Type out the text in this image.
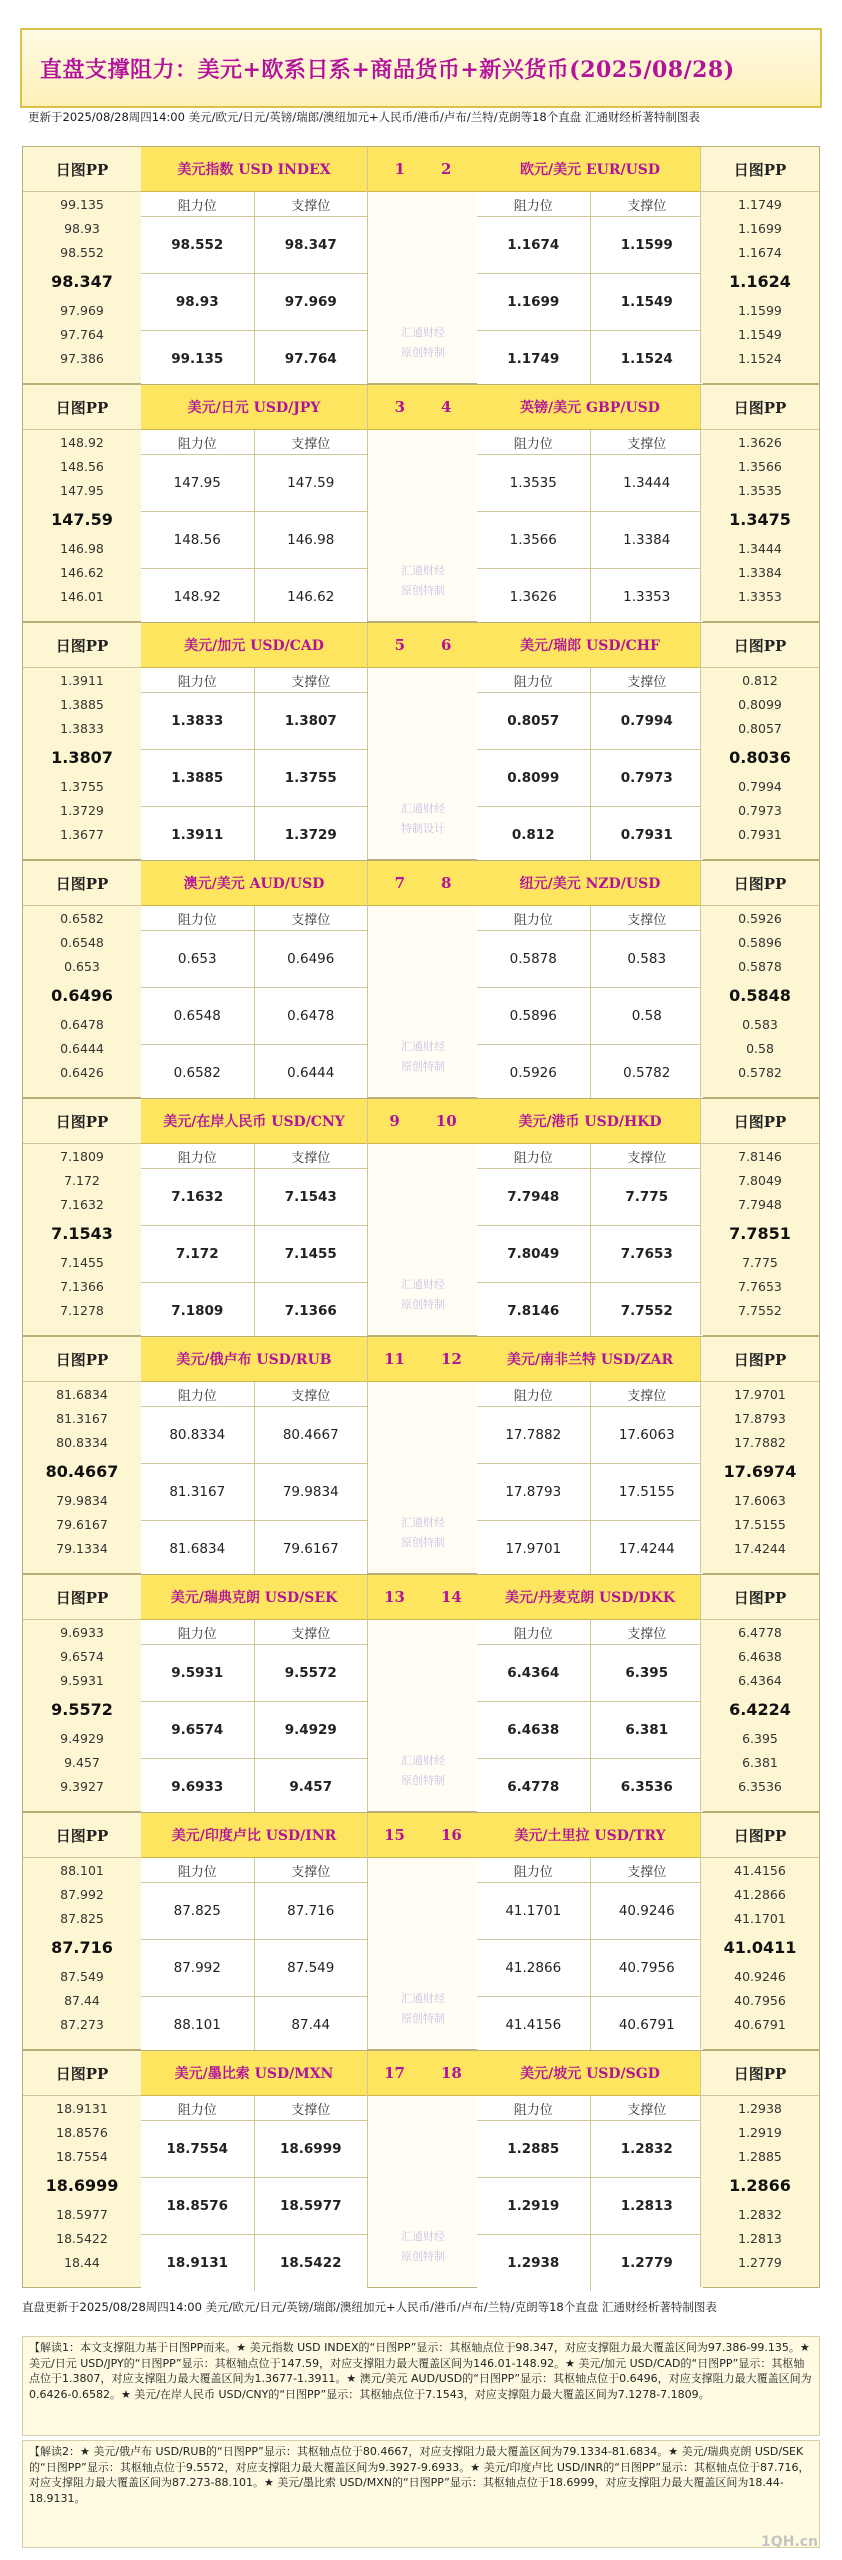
直盘支撑阻力：美元+欧系日系+商品货币+新兴货币(2025/08/28)
更新于2025/08/28周四14:00 美元/欧元/日元/英镑/瑞郎/澳纽加元+人民币/港币/卢布/兰特/克朗等18个直盘 汇通财经析著特制图表
日图PP
99.135
98.93
98.552
98.347
97.969
97.764
97.386
美元指数 USD INDEX
阻力位	支撑位
98.552	98.347
98.93	97.969
99.135	97.764
1 2
汇通财经
原创特制
欧元/美元 EUR/USD
阻力位	支撑位
1.1674	1.1599
1.1699	1.1549
1.1749	1.1524
日图PP
1.1749
1.1699
1.1674
1.1624
1.1599
1.1549
1.1524
日图PP
148.92
148.56
147.95
147.59
146.98
146.62
146.01
美元/日元 USD/JPY
阻力位	支撑位
147.95	147.59
148.56	146.98
148.92	146.62
3 4
汇通财经
原创特制
英镑/美元 GBP/USD
阻力位	支撑位
1.3535	1.3444
1.3566	1.3384
1.3626	1.3353
日图PP
1.3626
1.3566
1.3535
1.3475
1.3444
1.3384
1.3353
日图PP
1.3911
1.3885
1.3833
1.3807
1.3755
1.3729
1.3677
美元/加元 USD/CAD
阻力位	支撑位
1.3833	1.3807
1.3885	1.3755
1.3911	1.3729
5 6
汇通财经
特制设计
美元/瑞郎 USD/CHF
阻力位	支撑位
0.8057	0.7994
0.8099	0.7973
0.812	0.7931
日图PP
0.812
0.8099
0.8057
0.8036
0.7994
0.7973
0.7931
日图PP
0.6582
0.6548
0.653
0.6496
0.6478
0.6444
0.6426
澳元/美元 AUD/USD
阻力位	支撑位
0.653	0.6496
0.6548	0.6478
0.6582	0.6444
7 8
汇通财经
原创特制
纽元/美元 NZD/USD
阻力位	支撑位
0.5878	0.583
0.5896	0.58
0.5926	0.5782
日图PP
0.5926
0.5896
0.5878
0.5848
0.583
0.58
0.5782
日图PP
7.1809
7.172
7.1632
7.1543
7.1455
7.1366
7.1278
美元/在岸人民币 USD/CNY
阻力位	支撑位
7.1632	7.1543
7.172	7.1455
7.1809	7.1366
9 10
汇通财经
原创特制
美元/港币 USD/HKD
阻力位	支撑位
7.7948	7.775
7.8049	7.7653
7.8146	7.7552
日图PP
7.8146
7.8049
7.7948
7.7851
7.775
7.7653
7.7552
日图PP
81.6834
81.3167
80.8334
80.4667
79.9834
79.6167
79.1334
美元/俄卢布 USD/RUB
阻力位	支撑位
80.8334	80.4667
81.3167	79.9834
81.6834	79.6167
11 12
汇通财经
原创特制
美元/南非兰特 USD/ZAR
阻力位	支撑位
17.7882	17.6063
17.8793	17.5155
17.9701	17.4244
日图PP
17.9701
17.8793
17.7882
17.6974
17.6063
17.5155
17.4244
日图PP
9.6933
9.6574
9.5931
9.5572
9.4929
9.457
9.3927
美元/瑞典克朗 USD/SEK
阻力位	支撑位
9.5931	9.5572
9.6574	9.4929
9.6933	9.457
13 14
汇通财经
原创特制
美元/丹麦克朗 USD/DKK
阻力位	支撑位
6.4364	6.395
6.4638	6.381
6.4778	6.3536
日图PP
6.4778
6.4638
6.4364
6.4224
6.395
6.381
6.3536
日图PP
88.101
87.992
87.825
87.716
87.549
87.44
87.273
美元/印度卢比 USD/INR
阻力位	支撑位
87.825	87.716
87.992	87.549
88.101	87.44
15 16
汇通财经
原创特制
美元/土里拉 USD/TRY
阻力位	支撑位
41.1701	40.9246
41.2866	40.7956
41.4156	40.6791
日图PP
41.4156
41.2866
41.1701
41.0411
40.9246
40.7956
40.6791
日图PP
18.9131
18.8576
18.7554
18.6999
18.5977
18.5422
18.44
美元/墨比索 USD/MXN
阻力位	支撑位
18.7554	18.6999
18.8576	18.5977
18.9131	18.5422
17 18
汇通财经
原创特制
美元/坡元 USD/SGD
阻力位	支撑位
1.2885	1.2832
1.2919	1.2813
1.2938	1.2779
日图PP
1.2938
1.2919
1.2885
1.2866
1.2832
1.2813
1.2779
直盘更新于2025/08/28周四14:00 美元/欧元/日元/英镑/瑞郎/澳纽加元+人民币/港币/卢布/兰特/克朗等18个直盘 汇通财经析著特制图表
【解读1：本文支撑阻力基于日图PP而来。★ 美元指数 USD INDEX的“日图PP”显示：其枢轴点位于98.347，对应支撑阻力最大覆盖区间为97.386-99.135。★ 美元/日元 USD/JPY的“日图PP”显示：其枢轴点位于147.59，对应支撑阻力最大覆盖区间为146.01-148.92。★ 美元/加元 USD/CAD的“日图PP”显示：其枢轴点位于1.3807，对应支撑阻力最大覆盖区间为1.3677-1.3911。★ 澳元/美元 AUD/USD的“日图PP”显示：其枢轴点位于0.6496，对应支撑阻力最大覆盖区间为0.6426-0.6582。★ 美元/在岸人民币 USD/CNY的“日图PP”显示：其枢轴点位于7.1543，对应支撑阻力最大覆盖区间为7.1278-7.1809。
【解读2：★ 美元/俄卢布 USD/RUB的“日图PP”显示：其枢轴点位于80.4667，对应支撑阻力最大覆盖区间为79.1334-81.6834。★ 美元/瑞典克朗 USD/SEK的“日图PP”显示：其枢轴点位于9.5572，对应支撑阻力最大覆盖区间为9.3927-9.6933。★ 美元/印度卢比 USD/INR的“日图PP”显示：其枢轴点位于87.716，对应支撑阻力最大覆盖区间为87.273-88.101。★ 美元/墨比索 USD/MXN的“日图PP”显示：其枢轴点位于18.6999，对应支撑阻力最大覆盖区间为18.44-18.9131。
1QH.cn
